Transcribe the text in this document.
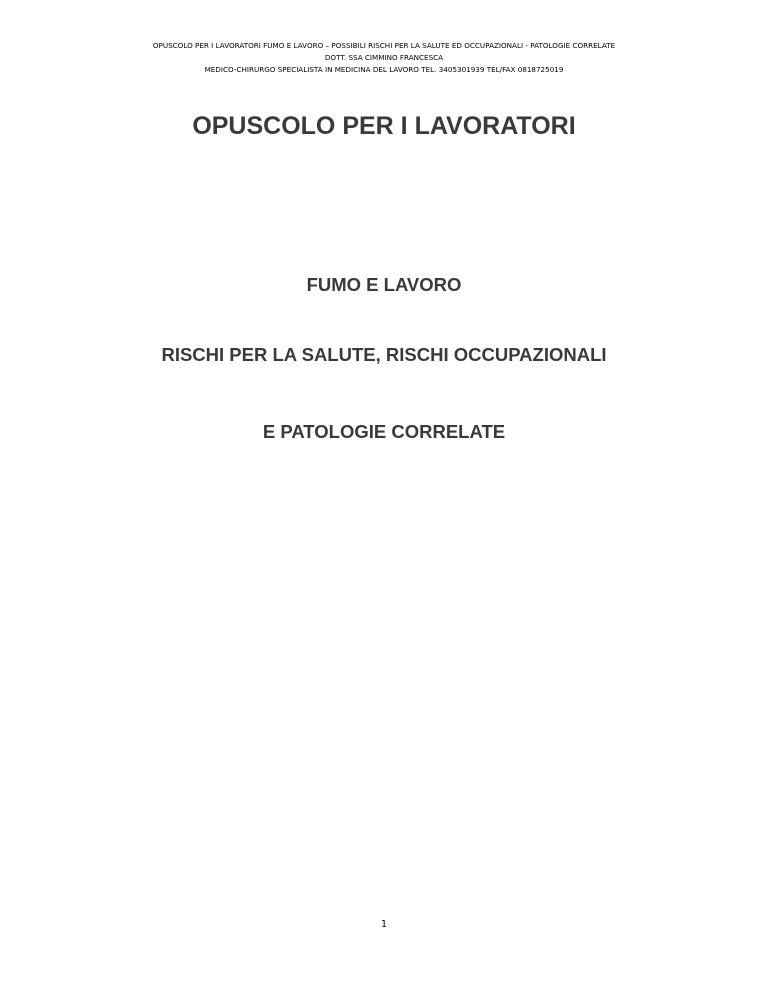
OPUSCOLO PER I LAVORATORI FUMO E LAVORO – POSSIBILI RISCHI PER LA SALUTE ED OCCUPAZIONALI - PATOLOGIE CORRELATE
DOTT. SSA CIMMINO FRANCESCA
MEDICO-CHIRURGO SPECIALISTA IN MEDICINA DEL LAVORO TEL. 3405301939 TEL/FAX 0818725019
OPUSCOLO PER I LAVORATORI
FUMO E LAVORO
RISCHI PER LA SALUTE, RISCHI OCCUPAZIONALI
E PATOLOGIE CORRELATE
1
